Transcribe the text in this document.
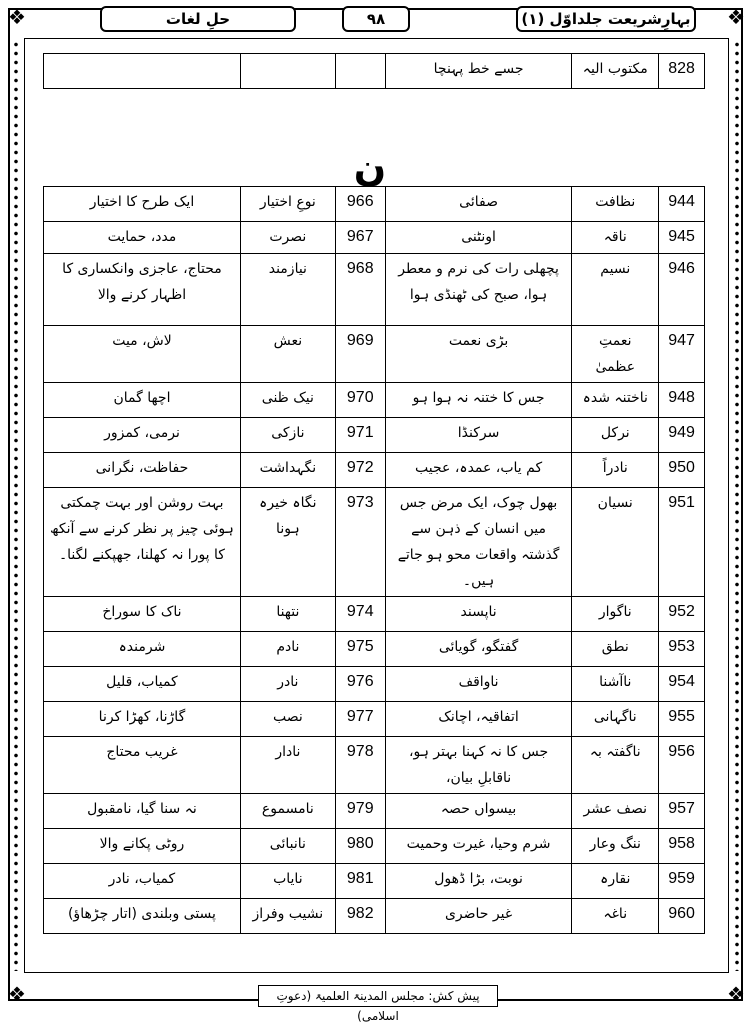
❖	❖
❖	❖
بہارِشریعت جلداوّل (۱)
۹۸
حلِ لغات
828	مکتوب الیہ	جسے خط پہنچا			
ن
944	نظافت	صفائی	966	نوعِ اختیار	ایک طرح کا اختیار
945	ناقہ	اونٹنی	967	نصرت	مدد، حمایت
946	نسیم	پچھلی رات کی نرم و معطر ہوا، صبح کی ٹھنڈی ہوا	968	نیازمند	محتاج، عاجزی وانکساری کا اظہار کرنے والا
947	نعمتِ عظمیٰ	بڑی نعمت	969	نعش	لاش، میت
948	ناختنہ شدہ	جس کا ختنہ نہ ہوا ہو	970	نیک ظنی	اچھا گمان
949	نرکل	سرکنڈا	971	نازکی	نرمی، کمزور
950	نادراً	کم یاب، عمدہ، عجیب	972	نگہداشت	حفاظت، نگرانی
951	نسیان	بھول چوک، ایک مرض جس میں انسان کے ذہن سے گذشتہ واقعات محو ہو جاتے ہیں۔	973	نگاہ خیرہ ہونا	بہت روشن اور بہت چمکتی ہوئی چیز پر نظر کرنے سے آنکھ کا پورا نہ کھلنا، جھپکنے لگنا۔
952	ناگوار	ناپسند	974	نتھنا	ناک کا سوراخ
953	نطق	گفتگو، گویائی	975	نادم	شرمندہ
954	ناآشنا	ناواقف	976	نادر	کمیاب، قلیل
955	ناگہانی	اتفاقیہ، اچانک	977	نصب	گاڑنا، کھڑا کرنا
956	ناگفتہ بہ	جس کا نہ کہنا بہتر ہو، ناقابلِ بیان،	978	نادار	غریب محتاج
957	نصف عشر	بیسواں حصہ	979	نامسموع	نہ سنا گیا، نامقبول
958	ننگ وعار	شرم وحیا، غیرت وحمیت	980	نانبائی	روٹی پکانے والا
959	نقارہ	نوبت، بڑا ڈھول	981	نایاب	کمیاب، نادر
960	ناغہ	غیر حاضری	982	نشیب وفراز	پستی وبلندی (اتار چڑھاؤ)
پیش کش: مجلس المدینۃ العلمیۃ (دعوتِ اسلامی)
